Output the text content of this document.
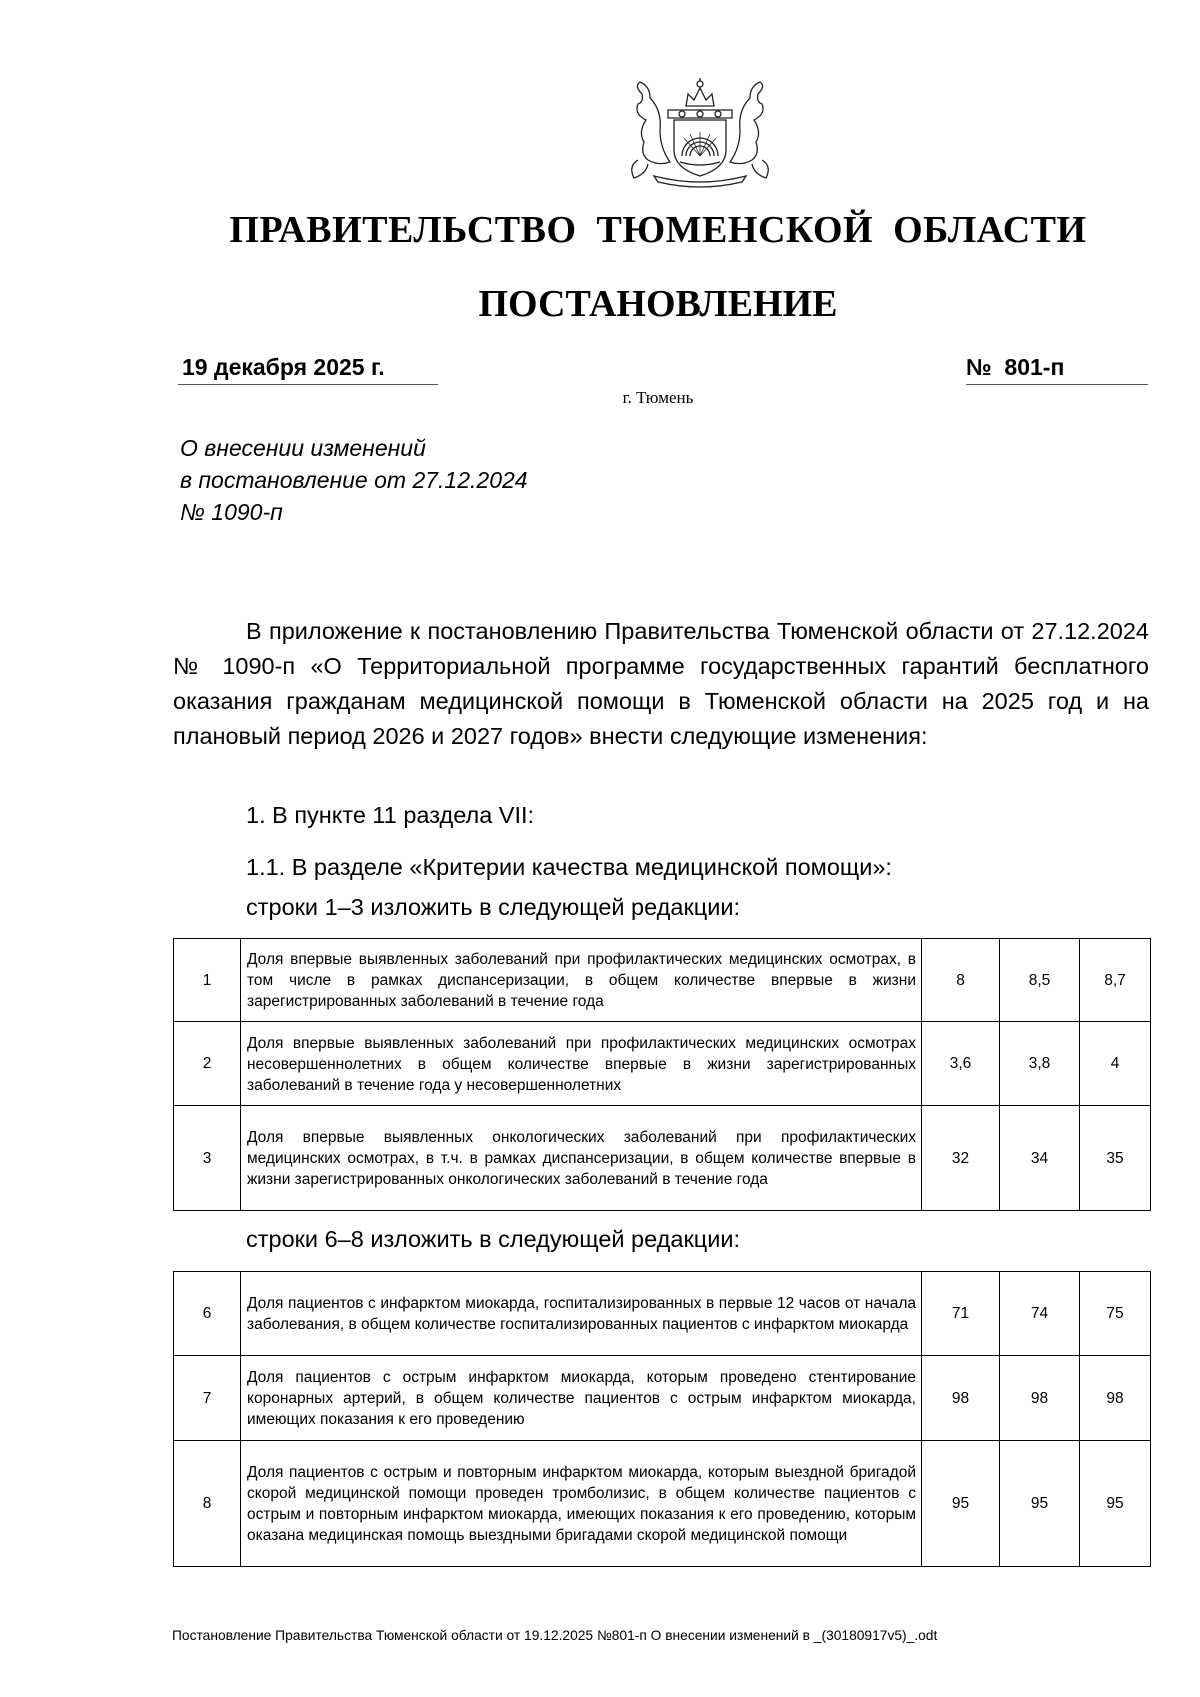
ПРАВИТЕЛЬСТВО ТЮМЕНСКОЙ ОБЛАСТИ
ПОСТАНОВЛЕНИЕ
19 декабря 2025 г.	№ 801-п
г. Тюмень
О внесении изменений
в постановление от 27.12.2024
№ 1090-п

В приложение к постановлению Правительства Тюменской области от 27.12.2024 № 1090-п «О Территориальной программе государственных гарантий бесплатного оказания гражданам медицинской помощи в Тюменской области на 2025 год и на плановый период 2026 и 2027 годов» внести следующие изменения:

1. В пункте 11 раздела VII:
1.1. В разделе «Критерии качества медицинской помощи»:
строки 1–3 изложить в следующей редакции:
1	Доля впервые выявленных заболеваний при профилактических медицинских осмотрах, в том числе в рамках диспансеризации, в общем количестве впервые в жизни зарегистрированных заболеваний в течение года	8	8,5	8,7
2	Доля впервые выявленных заболеваний при профилактических медицинских осмотрах несовершеннолетних в общем количестве впервые в жизни зарегистрированных заболеваний в течение года у несовершеннолетних	3,6	3,8	4
3	Доля впервые выявленных онкологических заболеваний при профилактических медицинских осмотрах, в т.ч. в рамках диспансеризации, в общем количестве впервые в жизни зарегистрированных онкологических заболеваний в течение года	32	34	35
строки 6–8 изложить в следующей редакции:
6	Доля пациентов с инфарктом миокарда, госпитализированных в первые 12 часов от начала заболевания, в общем количестве госпитализированных пациентов с инфарктом миокарда	71	74	75
7	Доля пациентов с острым инфарктом миокарда, которым проведено стентирование коронарных артерий, в общем количестве пациентов с острым инфарктом миокарда, имеющих показания к его проведению	98	98	98
8	Доля пациентов с острым и повторным инфарктом миокарда, которым выездной бригадой скорой медицинской помощи проведен тромболизис, в общем количестве пациентов с острым и повторным инфарктом миокарда, имеющих показания к его проведению, которым оказана медицинская помощь выездными бригадами скорой медицинской помощи	95	95	95
Постановление Правительства Тюменской области от 19.12.2025 №801-п О внесении изменений в _(30180917v5)_.odt
